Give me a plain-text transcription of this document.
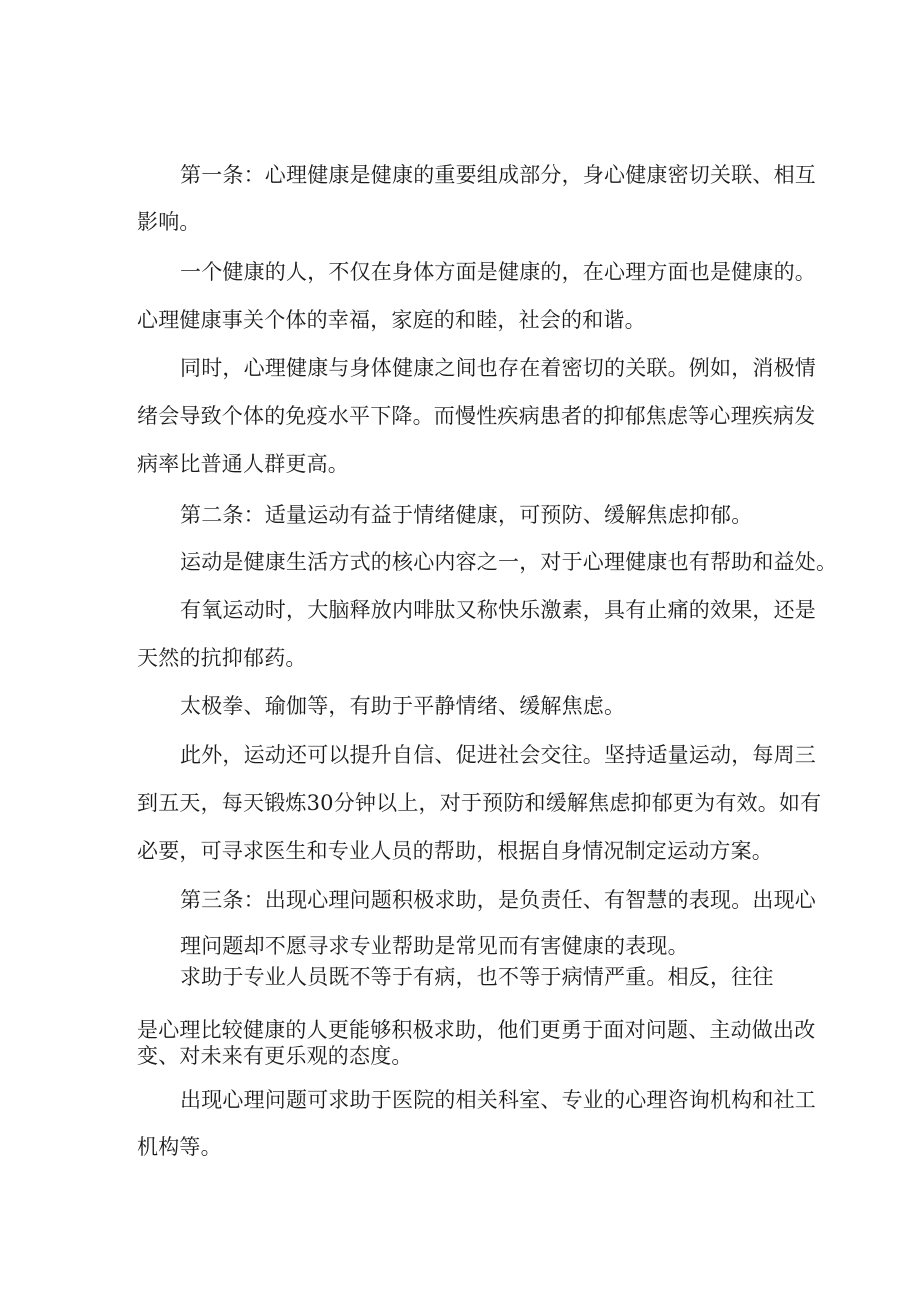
第一条：心理健康是健康的重要组成部分，身心健康密切关联、相互
影响。
一个健康的人，不仅在身体方面是健康的，在心理方面也是健康的。
心理健康事关个体的幸福，家庭的和睦，社会的和谐。
同时，心理健康与身体健康之间也存在着密切的关联。例如，消极情
绪会导致个体的免疫水平下降。而慢性疾病患者的抑郁焦虑等心理疾病发
病率比普通人群更高。
第二条：适量运动有益于情绪健康，可预防、缓解焦虑抑郁。
运动是健康生活方式的核心内容之一，对于心理健康也有帮助和益处。
有氧运动时，大脑释放内啡肽又称快乐激素，具有止痛的效果，还是
天然的抗抑郁药。
太极拳、瑜伽等，有助于平静情绪、缓解焦虑。
此外，运动还可以提升自信、促进社会交往。坚持适量运动，每周三
到五天，每天锻炼30分钟以上，对于预防和缓解焦虑抑郁更为有效。如有
必要，可寻求医生和专业人员的帮助，根据自身情况制定运动方案。
第三条：出现心理问题积极求助，是负责任、有智慧的表现。出现心
理问题却不愿寻求专业帮助是常见而有害健康的表现。
求助于专业人员既不等于有病，也不等于病情严重。相反，往往
是心理比较健康的人更能够积极求助，他们更勇于面对问题、主动做出改
变、对未来有更乐观的态度。
出现心理问题可求助于医院的相关科室、专业的心理咨询机构和社工
机构等。
